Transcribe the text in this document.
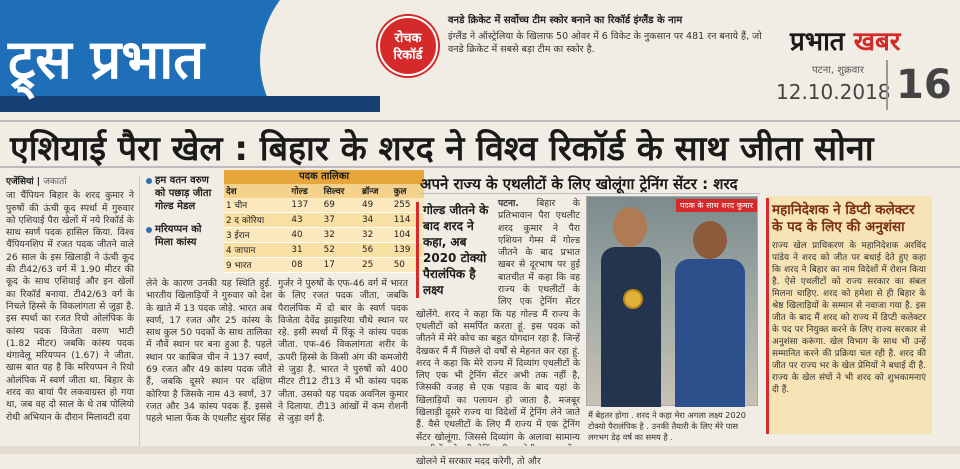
ट्र्स प्रभात	रोचक रिकॉर्ड
वनडे क्रिकेट में सर्वोच्च टीम स्कोर बनाने का रिकॉर्ड इंग्लैंड के नाम
इंग्लैंड ने ऑस्ट्रेलिया के खिलाफ 50 ओवर में 6 विकेट के नुकसान पर 481 रन बनाये हैं, जो वनडे क्रिकेट में सबसे बड़ा टीम का स्कोर है.	प्रभात खबर
पटना, शुक्रवार
12.10.2018 16
एशियाई पैरा खेल : बिहार के शरद ने विश्व रिकॉर्ड के साथ जीता सोना
एजेंसियां | जकार्ता
जा चैंपियन बिहार के शरद कुमार ने पुरुषों की ऊंची कूद स्पर्धा में गुरुवार को एशियाई पैरा खेलों में नये रिकॉर्ड के साथ स्वर्ण पदक हासिल किया. विश्व चैंपियनशिप में रजत पदक जीतने वाले 26 साल के इस खिलाड़ी ने ऊंची कूद की टी42/63 वर्ग में 1.90 मीटर की कूद के साथ एशियाई और इन खेलों का रिकॉर्ड बनाया. टी42/63 वर्ग के निचले हिस्से के विकलांगता से जुड़ा है. इस स्पर्धा का रजत रियो ओलंपिक के कांस्य पदक विजेता वरुण भाटी (1.82 मीटर) जबकि कांस्य पदक थंगावेलू मरियप्पन (1.67) ने जीता. खास बात यह है कि मरियप्पन ने रियो ओलंपिक में स्वर्ण जीता था. बिहार के शरद का बायां पैर लकवाग्रस्त हो गया था, जब वह दो साल के थे तब पोलियो रोधी अभियान के दौरान मिलावटी दवा
हम वतन वरुण को पछाड़ जीता गोल्ड मेडल
मरियप्पन को मिला कांस्य
पदक तालिका
देश	गोल्ड	सिल्वर	ब्रॉन्ज	कुल
1 चीन	137	69	49	255
2 द कोरिया	43	37	34	114
3 ईरान	40	32	32	104
4 जापान	31	52	56	139
9 भारत	08	17	25	50
लेने के कारण उनकी यह स्थिति हुई. भारतीय खिलाड़ियों ने गुरुवार को देश के खाते में 13 पदक जोड़े. भारत अब स्वर्ण, 17 रजत और 25 कांस्य के साथ कुल 50 पदकों के साथ तालिका में नौवें स्थान पर बना हुआ है. पहले स्थान पर काबिज चीन ने 137 स्वर्ण, 69 रजत और 49 कांस्य पदक जीते हैं, जबकि दूसरे स्थान पर दक्षिण कोरिया है जिसके नाम 43 स्वर्ण, 37 रजत और 34 कांस्य पदक हैं. इससे पहले भाला फेंक के एथलीट सुंदर सिंह
गुर्जर ने पुरुषों के एफ-46 वर्ग में भारत के लिए रजत पदक जीता, जबकि पैरालंपिक में दो बार के स्वर्ण पदक विजेता देवेंद्र झाझरिया चौथे स्थान पर रहे. इसी स्पर्धा में रिंकू ने कांस्य पदक जीता. एफ-46 विकलांगता शरीर के ऊपरी हिस्से के किसी अंग की कमजोरी से जुड़ा है. भारत ने पुरुषों को 400 मीटर टी12 टी13 में भी कांस्य पदक जीता. उसको यह पदक अवनिल कुमार ने दिलाया. टी13 आंखों में कम रोशनी से जुड़ा वर्ग है.
अपने राज्य के एथलीटों के लिए खोलूंगा ट्रेनिंग सेंटर : शरद
गोल्ड जीतने के बाद शरद ने कहा, अब 2020 टोक्यो पैरालंपिक है लक्ष्य
पटना. बिहार के प्रतिभावान पैरा एथलीट शरद कुमार ने पैरा एशियन गेम्स में गोल्ड जीतने के बाद प्रभात खबर से दूरभाष पर हुई बातचीत में कहा कि वह राज्य के एथलीटों के लिए एक ट्रेनिंग सेंटर खोलेंगे. शरद ने कहा कि यह गोल्ड मैं राज्य के एथलीटों को समर्पित करता हूं. इस पदक को जीतने में मेरे कोच का बहुत योगदान रहा है. जिन्हें देखकर मैं मैं पिछले दो वर्षों से मेहनत कर रहा हूं. शरद ने कहा कि मेरे राज्य में दिव्यांग एथलीटों के लिए एक भी ट्रेनिंग सेंटर अभी तक नहीं है, जिसकी वजह से एक पड़ाव के बाद यहां के खिलाड़ियों का पलायन हो जाता है. मजबूर खिलाड़ी दूसरे राज्य या विदेशों में ट्रेनिंग लेने जाते हैं. वैसे एथलीटों के लिए मैं राज्य में एक ट्रेनिंग सेंटर खोलूंगा. जिससे दिव्यांग के अलावा सामान्य खोलने में सरकार मदद करेगी, तो और
पदक के साथ शरद कुमार
मैं बेहतर होगा . शरद ने कहा मेरा अगला लक्ष्य 2020 टोक्यो पैरालंपिक है . उनकी तैयारी के लिए मेरे पास लगभग डेढ़ वर्ष का समय है .
महानिदेशक ने डिप्टी कलेक्टर के पद के लिए की अनुशंसा
राज्य खेल प्राधिकरण के महानिदेशक अरविंद पांडेय ने शरद को जीत पर बधाई देते हुए कहा कि शरद ने बिहार का नाम विदेशों में रोशन किया है. ऐसे एथलीटों को राज्य सरकार का संबल मिलना चाहिए. शरद को हमेशा से ही बिहार के श्रेष्ठ खिलाड़ियों के सम्मान से नवाजा गया है. इस जीत के बाद मैं शरद को राज्य में डिप्टी कलेक्टर के पद पर नियुक्त करने के लिए राज्य सरकार से अनुशंसा करूंगा. खेल विभाग के साथ भी उन्हें सम्मानित करने की प्रक्रिया चल रही है. शरद की जीत पर राज्य भर के खेल प्रेमियों ने बधाई दी है. राज्य के खेल संघों ने भी शरद को शुभकामनाएं दी हैं.
